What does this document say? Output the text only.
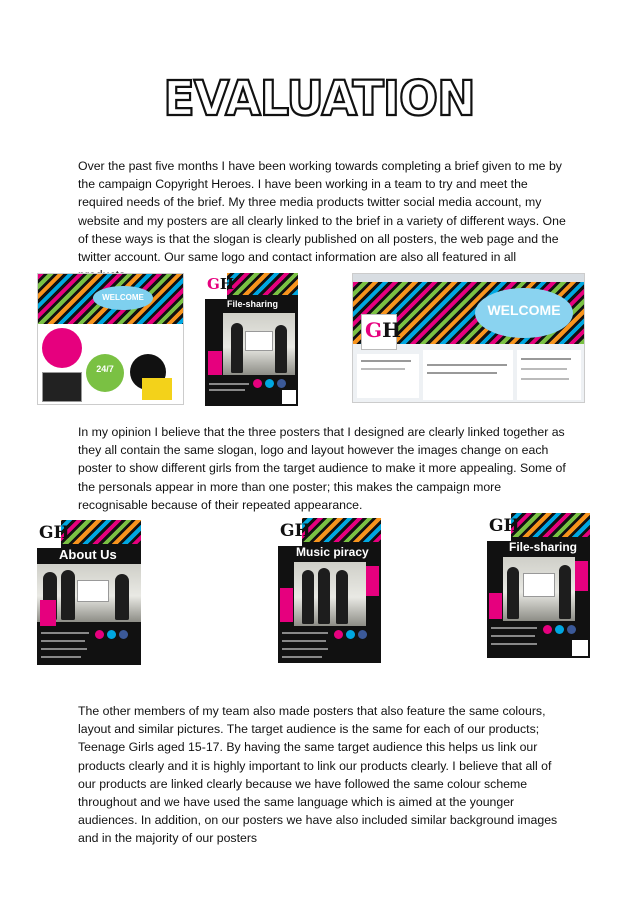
EVALUATION

Over the past five months I have been working towards completing a brief given to me by the campaign Copyright Heroes. I have been working in a team to try and meet the required needs of the brief. My three media products twitter social media account, my website and my posters are all clearly linked to the brief in a variety of different ways. One of these ways is that the slogan is clearly published on all posters, the web page and the twitter account. Our same logo and contact information are also all featured in all

WELCOME
24/7
GH
File-sharing	WELCOME
GH

In my opinion I believe that the three posters that I designed are clearly linked together as they all contain the same slogan, logo and layout however the images change on each poster to show different girls from the target audience to make it more appealing. Some of the personals appear in more than one poster; this makes the campaign more recognisable because of their repeated appearance.

GH
About Us
GH
Music piracy
GH
File-sharing

The other members of my team also made posters that also feature the same colours, layout and similar pictures. The target audience is the same for each of our products; Teenage Girls aged 15-17. By having the same target audience this helps us link our products clearly and it is highly important to link our products clearly. I believe that all of our products are linked clearly because we have followed the same colour scheme throughout and we have used the same language which is aimed at the younger audiences. In addition, on our posters we have also included similar background images and in the majority of our posters
